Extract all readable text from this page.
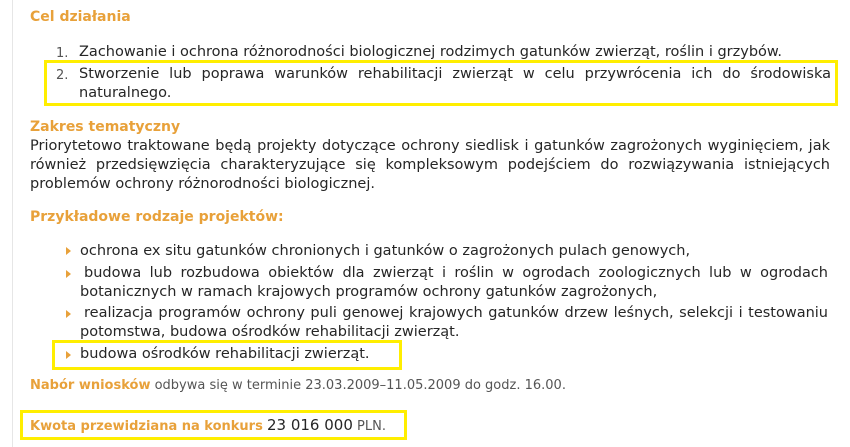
Cel działania
1. Zachowanie i ochrona różnorodności biologicznej rodzimych gatunków zwierząt, roślin i grzybów.
2. Stworzenie lub poprawa warunków rehabilitacji zwierząt w celu przywrócenia ich do środowiska naturalnego.
Zakres tematyczny
Priorytetowo traktowane będą projekty dotyczące ochrony siedlisk i gatunków zagrożonych wyginięciem, jak również przedsięwzięcia charakteryzujące się kompleksowym podejściem do rozwiązywania istniejących problemów ochrony różnorodności biologicznej.
Przykładowe rodzaje projektów:
ochrona ex situ gatunków chronionych i gatunków o zagrożonych pulach genowych,
budowa lub rozbudowa obiektów dla zwierząt i roślin w ogrodach zoologicznych lub w ogrodach botanicznych w ramach krajowych programów ochrony gatunków zagrożonych,
realizacja programów ochrony puli genowej krajowych gatunków drzew leśnych, selekcji i testowaniu potomstwa, budowa ośrodków rehabilitacji zwierząt.
budowa ośrodków rehabilitacji zwierząt.
Nabór wniosków odbywa się w terminie 23.03.2009–11.05.2009 do godz. 16.00.
Kwota przewidziana na konkurs 23 016 000 PLN.
